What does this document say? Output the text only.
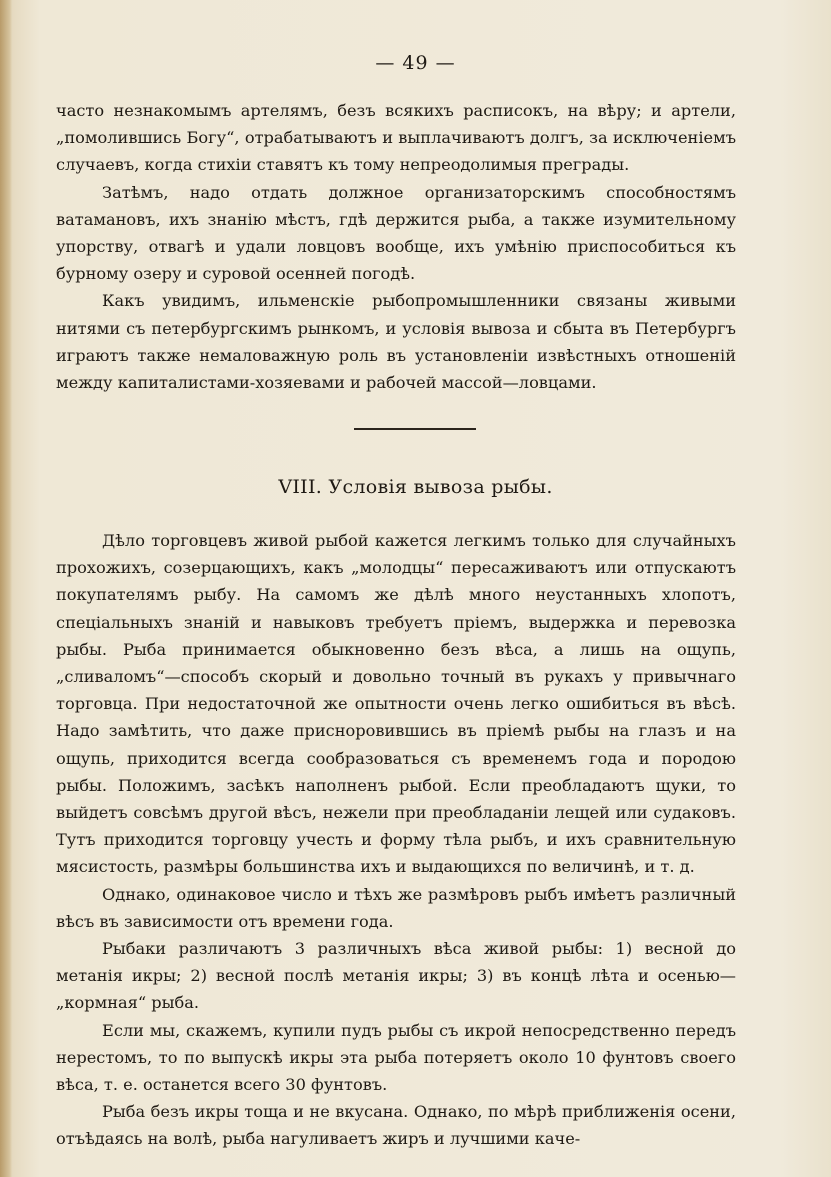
— 49 —

часто незнакомымъ артелямъ, безъ всякихъ расписокъ, на вѣру; и артели, „помолившись Богу“, отрабатываютъ и выплачиваютъ долгъ, за исключеніемъ случаевъ, когда стихіи ставятъ къ тому непреодолимыя преграды.

Затѣмъ, надо отдать должное организаторскимъ способностямъ ватамановъ, ихъ знанію мѣстъ, гдѣ держится рыба, а также изумительному упорству, отвагѣ и удали ловцовъ вообще, ихъ умѣнію приспособиться къ бурному озеру и суровой осенней погодѣ.

Какъ увидимъ, ильменскіе рыбопромышленники связаны живыми нитями съ петербургскимъ рынкомъ, и условія вывоза и сбыта въ Петербургъ играютъ также немаловажную роль въ установленіи извѣстныхъ отношеній между капиталистами-хозяевами и рабочей массой—ловцами.

VIII. Условія вывоза рыбы.

Дѣло торговцевъ живой рыбой кажется легкимъ только для случайныхъ прохожихъ, созерцающихъ, какъ „молодцы“ пересаживаютъ или отпускаютъ покупателямъ рыбу. На самомъ же дѣлѣ много неустанныхъ хлопотъ, спеціальныхъ знаній и навыковъ требуетъ пріемъ, выдержка и перевозка рыбы. Рыба принимается обыкновенно безъ вѣса, а лишь на ощупь, „сливаломъ“—способъ скорый и довольно точный въ рукахъ у привычнаго торговца. При недостаточной же опытности очень легко ошибиться въ вѣсѣ. Надо замѣтить, что даже присноровившись въ пріемѣ рыбы на глазъ и на ощупь, приходится всегда сообразоваться съ временемъ года и породою рыбы. Положимъ, засѣкъ наполненъ рыбой. Если преобладаютъ щуки, то выйдетъ совсѣмъ другой вѣсъ, нежели при преобладаніи лещей или судаковъ. Тутъ приходится торговцу учесть и форму тѣла рыбъ, и ихъ сравнительную мясистость, размѣры большинства ихъ и выдающихся по величинѣ, и т. д.

Однако, одинаковое число и тѣхъ же размѣровъ рыбъ имѣетъ различный вѣсъ въ зависимости отъ времени года.

Рыбаки различаютъ 3 различныхъ вѣса живой рыбы: 1) весной до метанія икры; 2) весной послѣ метанія икры; 3) въ концѣ лѣта и осенью—„кормная“ рыба.

Если мы, скажемъ, купили пудъ рыбы съ икрой непосредственно передъ нерестомъ, то по выпускѣ икры эта рыба потеряетъ около 10 фунтовъ своего вѣса, т. е. останется всего 30 фунтовъ.

Рыба безъ икры тоща и не вкусана. Однако, по мѣрѣ приближенія осени, отъѣдаясь на волѣ, рыба нагуливаетъ жиръ и лучшими каче-
